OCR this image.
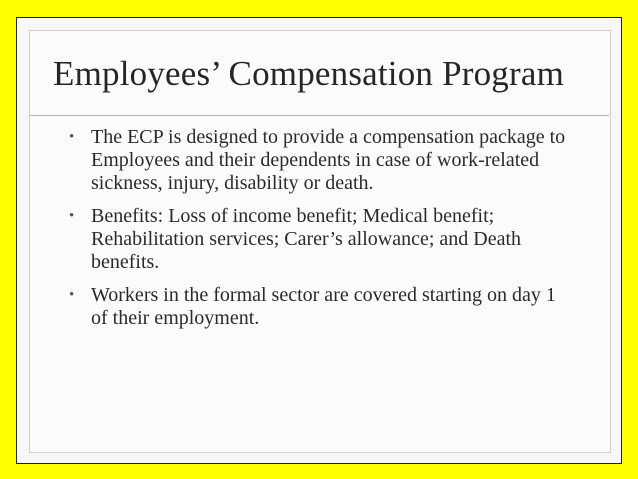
Employees’ Compensation Program
• The ECP is designed to provide a compensation package to Employees and their dependents in case of work-related sickness, injury, disability or death.
• Benefits: Loss of income benefit; Medical benefit; Rehabilitation services; Carer’s allowance; and Death benefits.
• Workers in the formal sector are covered starting on day 1 of their employment.
